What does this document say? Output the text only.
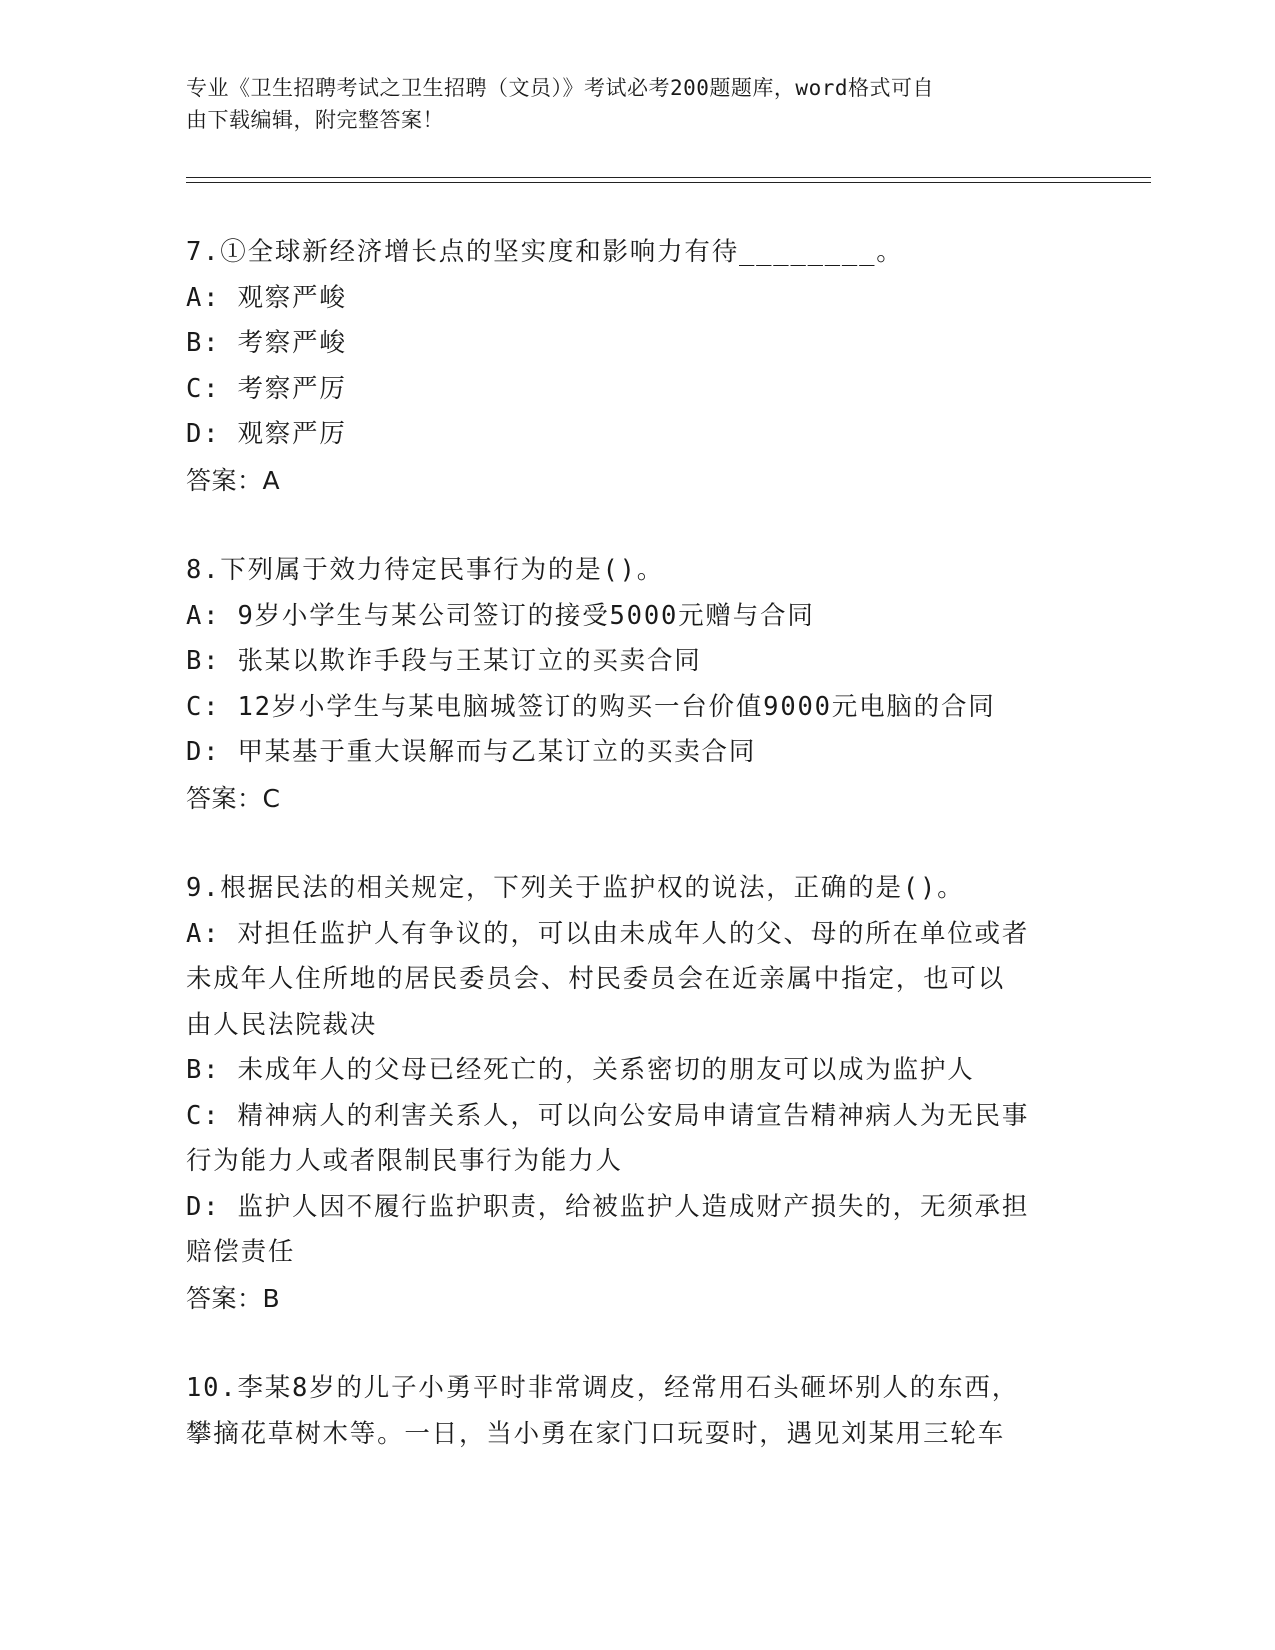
专业《卫生招聘考试之卫生招聘（文员）》考试必考200题题库，word格式可自
由下载编辑，附完整答案！
7.①全球新经济增长点的坚实度和影响力有待________。
A: 观察严峻
B: 考察严峻
C: 考察严厉
D: 观察严厉
答案：A
8.下列属于效力待定民事行为的是()。
A: 9岁小学生与某公司签订的接受5000元赠与合同
B: 张某以欺诈手段与王某订立的买卖合同
C: 12岁小学生与某电脑城签订的购买一台价值9000元电脑的合同
D: 甲某基于重大误解而与乙某订立的买卖合同
答案：C
9.根据民法的相关规定，下列关于监护权的说法，正确的是()。
A: 对担任监护人有争议的，可以由未成年人的父、母的所在单位或者
未成年人住所地的居民委员会、村民委员会在近亲属中指定，也可以
由人民法院裁决
B: 未成年人的父母已经死亡的，关系密切的朋友可以成为监护人
C: 精神病人的利害关系人，可以向公安局申请宣告精神病人为无民事
行为能力人或者限制民事行为能力人
D: 监护人因不履行监护职责，给被监护人造成财产损失的，无须承担
赔偿责任
答案：B
10.李某8岁的儿子小勇平时非常调皮，经常用石头砸坏别人的东西，
攀摘花草树木等。一日，当小勇在家门口玩耍时，遇见刘某用三轮车
